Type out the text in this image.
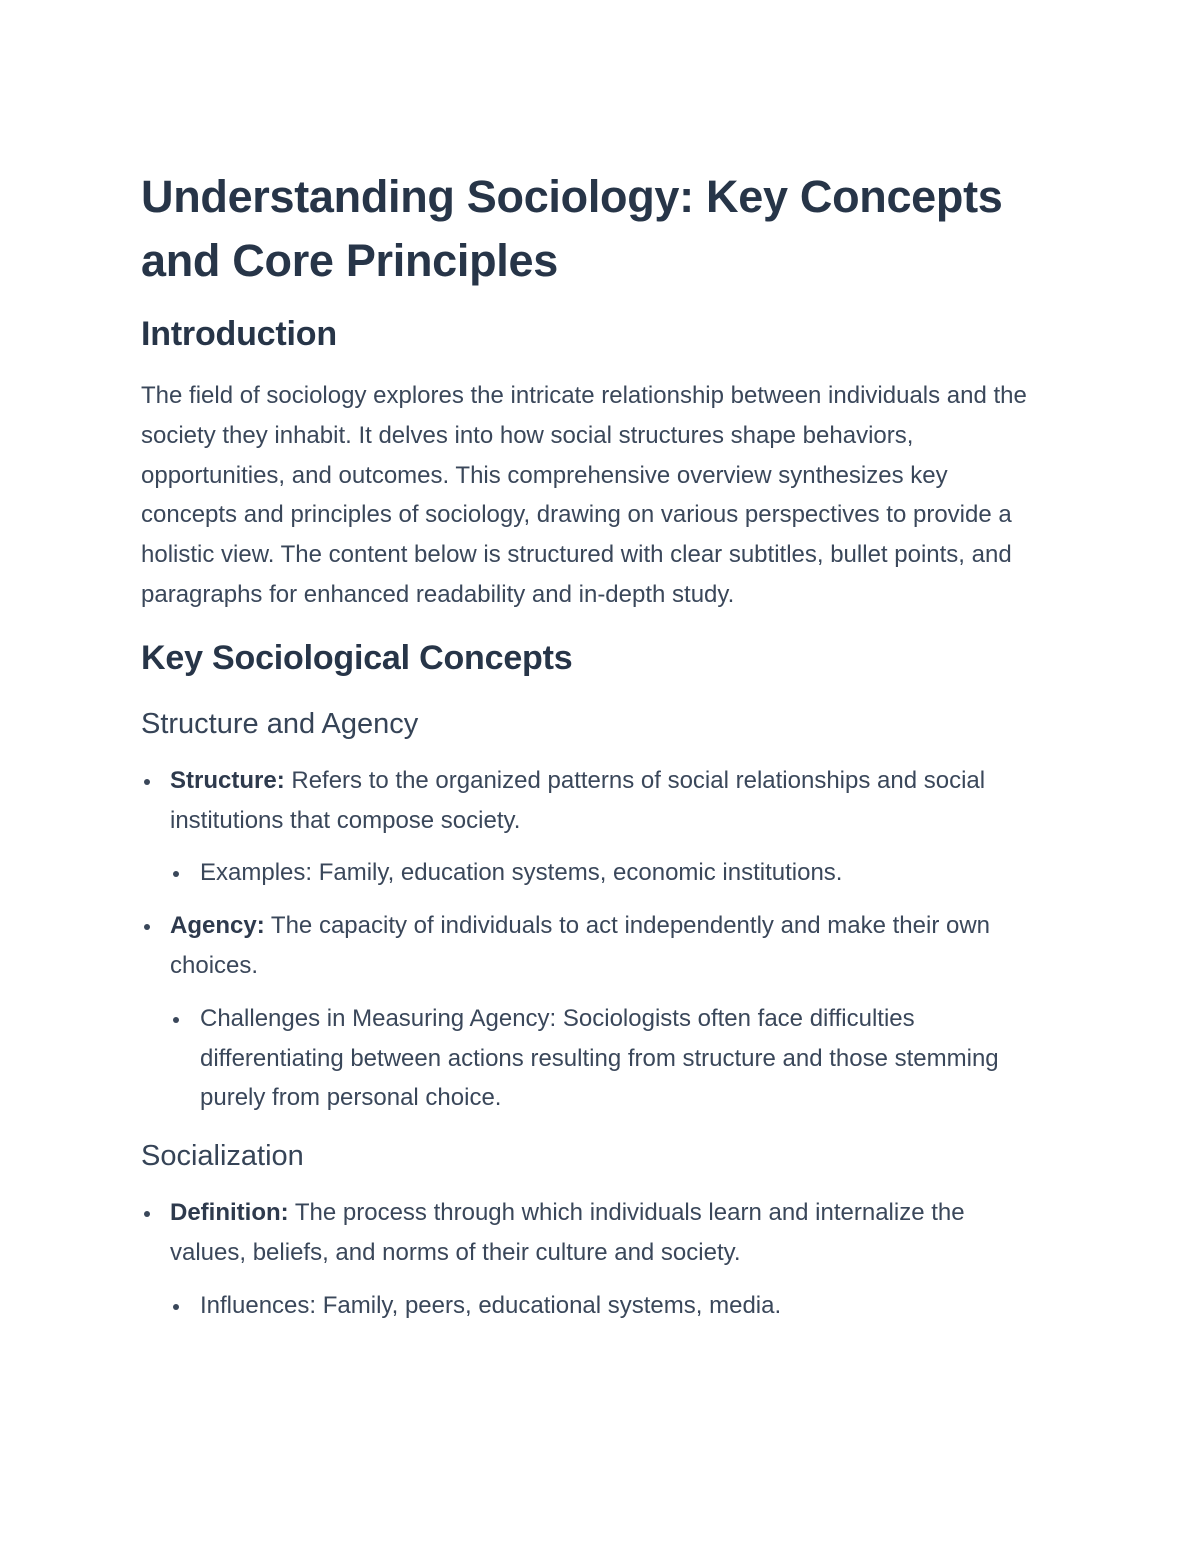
Understanding Sociology: Key Concepts and Core Principles
Introduction

The field of sociology explores the intricate relationship between individuals and the society they inhabit. It delves into how social structures shape behaviors, opportunities, and outcomes. This comprehensive overview synthesizes key concepts and principles of sociology, drawing on various perspectives to provide a holistic view. The content below is structured with clear subtitles, bullet points, and paragraphs for enhanced readability and in-depth study.

Key Sociological Concepts
Structure and Agency
Structure: Refers to the organized patterns of social relationships and social institutions that compose society.
Examples: Family, education systems, economic institutions.
Agency: The capacity of individuals to act independently and make their own choices.
Challenges in Measuring Agency: Sociologists often face difficulties differentiating between actions resulting from structure and those stemming purely from personal choice.
Socialization
Definition: The process through which individuals learn and internalize the values, beliefs, and norms of their culture and society.
Influences: Family, peers, educational systems, media.
